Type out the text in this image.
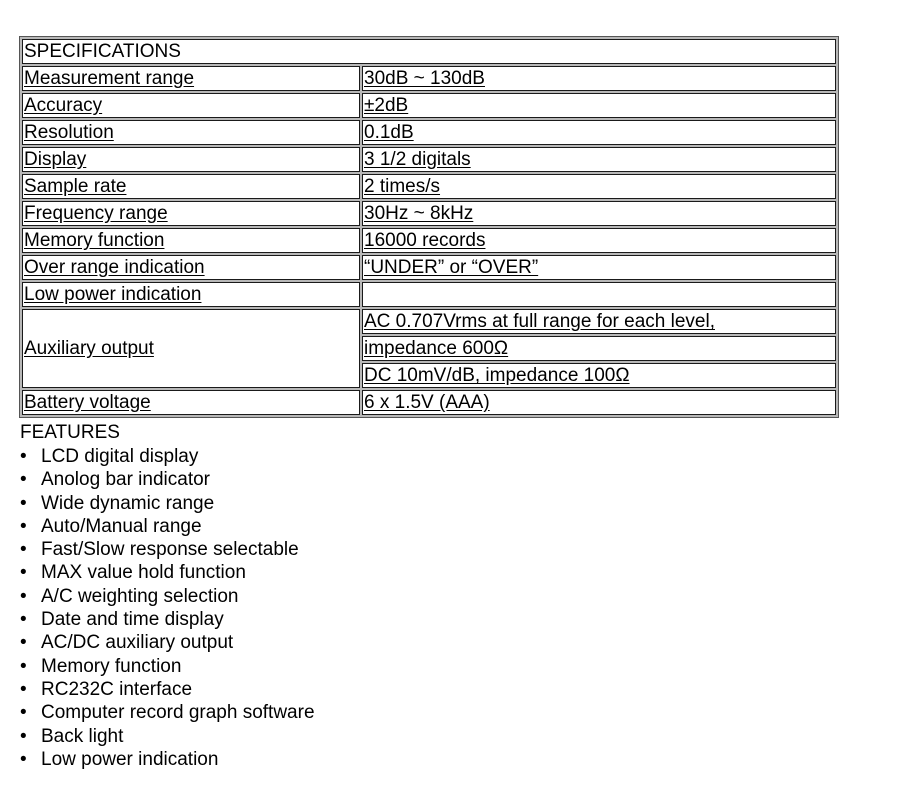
SPECIFICATIONS	
Measurement range	30dB ~ 130dB
Accuracy	±2dB
Resolution	0.1dB
Display	3 1/2 digitals
Sample rate	2 times/s
Frequency range	30Hz ~ 8kHz
Memory function	16000 records
Over range indication	“UNDER” or “OVER”
Low power indication	
Auxiliary output	AC 0.707Vrms at full range for each level,
	impedance 600Ω
	DC 10mV/dB, impedance 100Ω
Battery voltage	6 x 1.5V (AAA)
FEATURES
• LCD digital display
• Anolog bar indicator
• Wide dynamic range
• Auto/Manual range
• Fast/Slow response selectable
• MAX value hold function
• A/C weighting selection
• Date and time display
• AC/DC auxiliary output
• Memory function
• RC232C interface
• Computer record graph software
• Back light
• Low power indication
